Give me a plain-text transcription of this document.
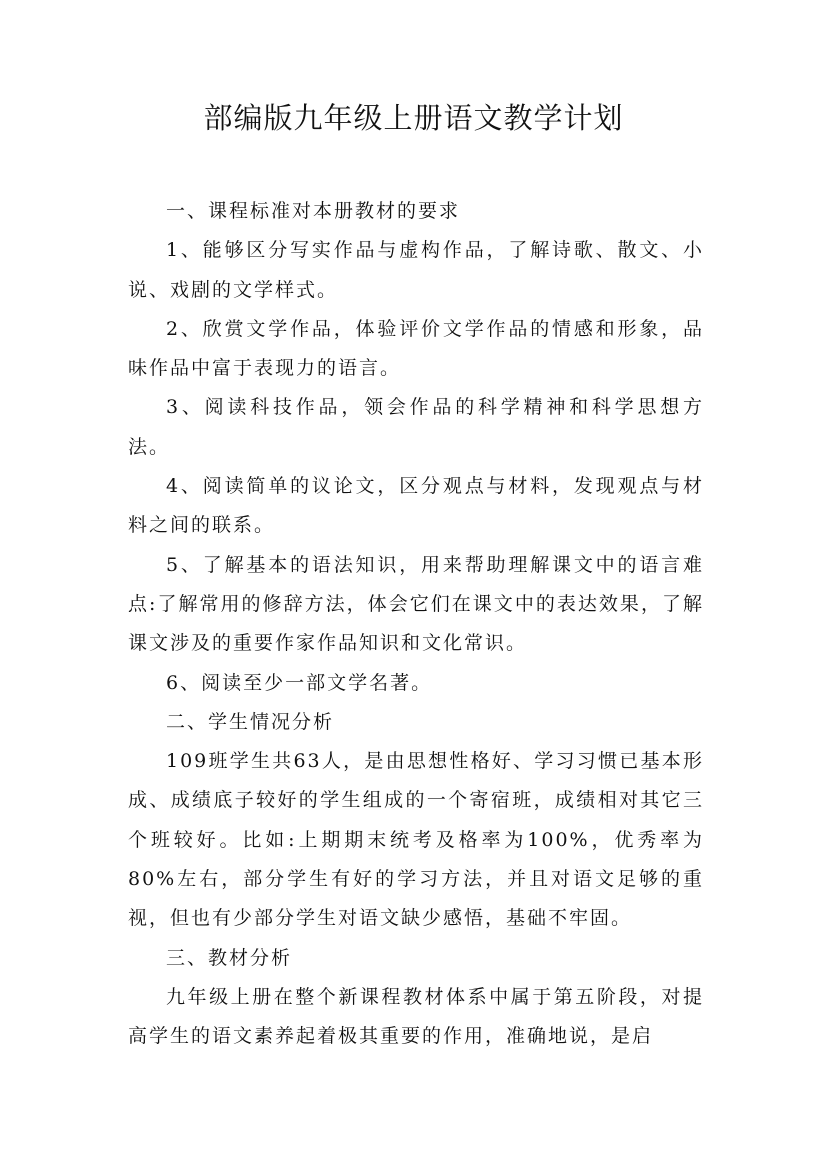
部编版九年级上册语文教学计划

一、课程标准对本册教材的要求

1、能够区分写实作品与虚构作品，了解诗歌、散文、小说、戏剧的文学样式。

2、欣赏文学作品，体验评价文学作品的情感和形象，品味作品中富于表现力的语言。

3、阅读科技作品，领会作品的科学精神和科学思想方法。

4、阅读简单的议论文，区分观点与材料，发现观点与材料之间的联系。

5、了解基本的语法知识，用来帮助理解课文中的语言难点:了解常用的修辞方法，体会它们在课文中的表达效果，了解课文涉及的重要作家作品知识和文化常识。

6、阅读至少一部文学名著。

二、学生情况分析

109班学生共63人，是由思想性格好、学习习惯已基本形成、成绩底子较好的学生组成的一个寄宿班，成绩相对其它三个班较好。比如:上期期末统考及格率为100%，优秀率为80%左右，部分学生有好的学习方法，并且对语文足够的重视，但也有少部分学生对语文缺少感悟，基础不牢固。

三、教材分析

九年级上册在整个新课程教材体系中属于第五阶段，对提高学生的语文素养起着极其重要的作用，准确地说，是启
